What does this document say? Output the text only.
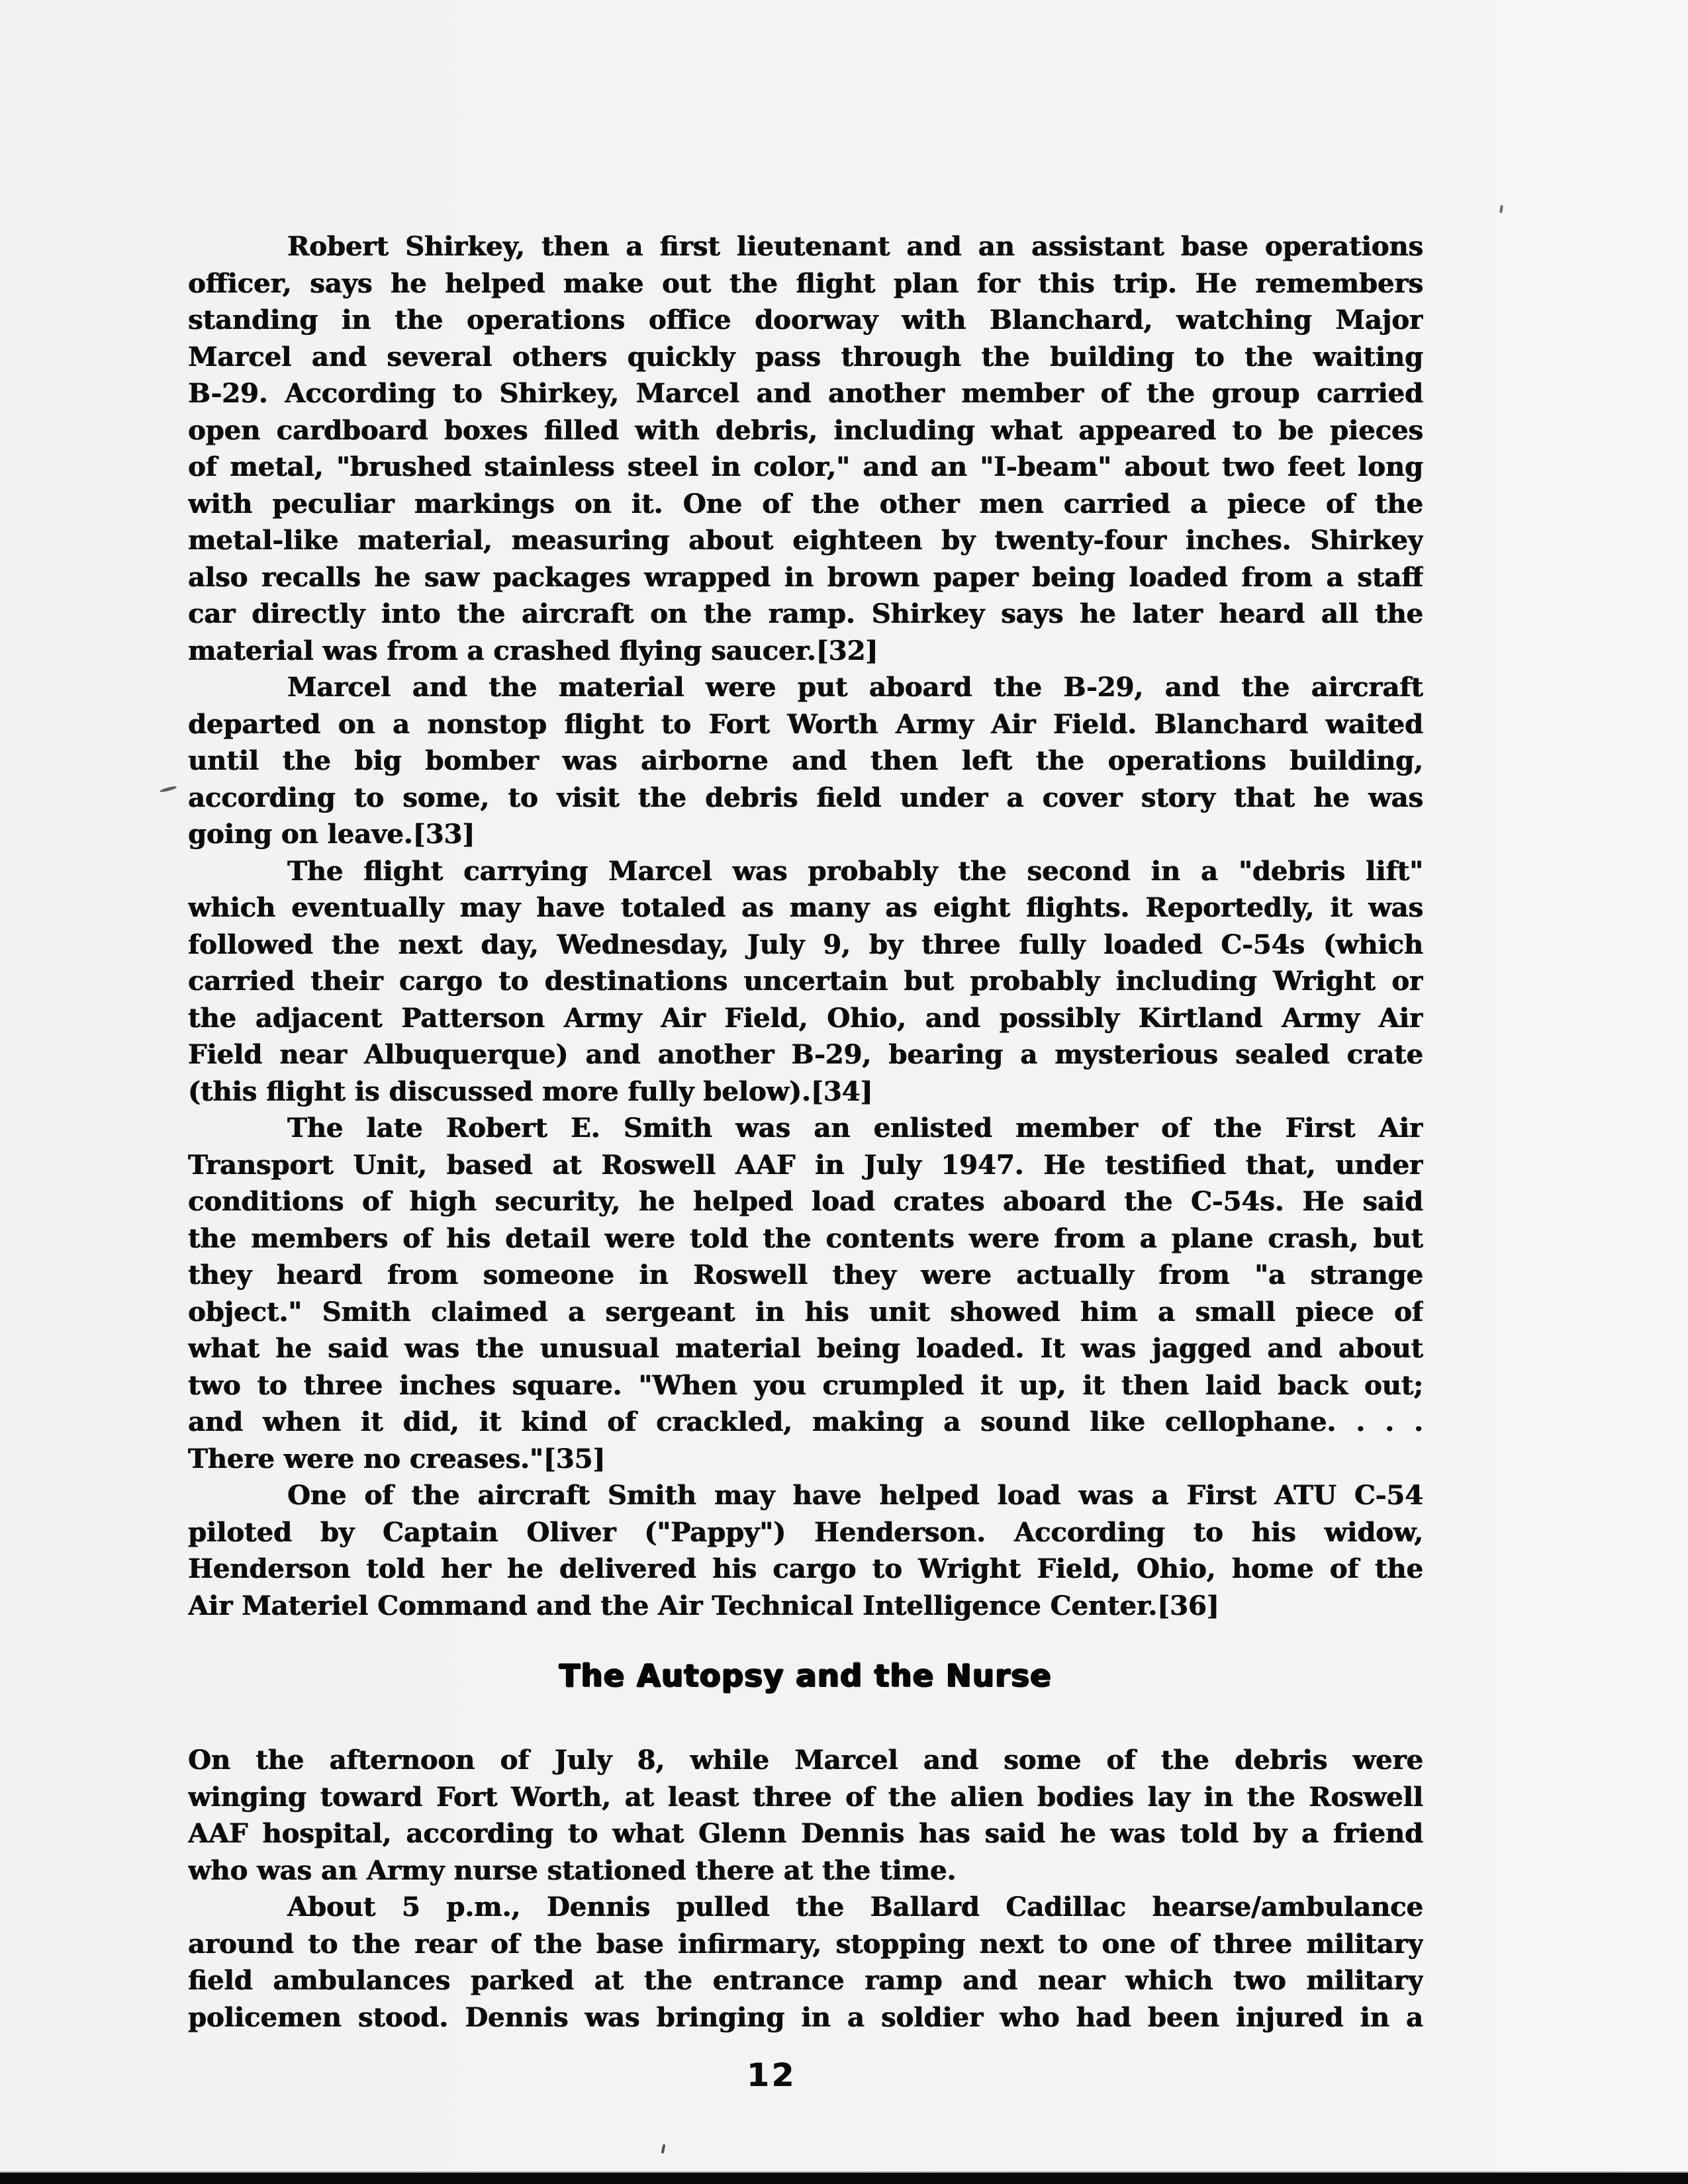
Robert Shirkey, then a first lieutenant and an assistant base operations
officer, says he helped make out the flight plan for this trip. He remembers
standing in the operations office doorway with Blanchard, watching Major
Marcel and several others quickly pass through the building to the waiting
B-29. According to Shirkey, Marcel and another member of the group carried
open cardboard boxes filled with debris, including what appeared to be pieces
of metal, "brushed stainless steel in color," and an "I-beam" about two feet long
with peculiar markings on it. One of the other men carried a piece of the
metal-like material, measuring about eighteen by twenty-four inches. Shirkey
also recalls he saw packages wrapped in brown paper being loaded from a staff
car directly into the aircraft on the ramp. Shirkey says he later heard all the
material was from a crashed flying saucer.[32]
Marcel and the material were put aboard the B-29, and the aircraft
departed on a nonstop flight to Fort Worth Army Air Field. Blanchard waited
until the big bomber was airborne and then left the operations building,
according to some, to visit the debris field under a cover story that he was
going on leave.[33]
The flight carrying Marcel was probably the second in a "debris lift"
which eventually may have totaled as many as eight flights. Reportedly, it was
followed the next day, Wednesday, July 9, by three fully loaded C-54s (which
carried their cargo to destinations uncertain but probably including Wright or
the adjacent Patterson Army Air Field, Ohio, and possibly Kirtland Army Air
Field near Albuquerque) and another B-29, bearing a mysterious sealed crate
(this flight is discussed more fully below).[34]
The late Robert E. Smith was an enlisted member of the First Air
Transport Unit, based at Roswell AAF in July 1947. He testified that, under
conditions of high security, he helped load crates aboard the C-54s. He said
the members of his detail were told the contents were from a plane crash, but
they heard from someone in Roswell they were actually from "a strange
object." Smith claimed a sergeant in his unit showed him a small piece of
what he said was the unusual material being loaded. It was jagged and about
two to three inches square. "When you crumpled it up, it then laid back out;
and when it did, it kind of crackled, making a sound like cellophane. . . .
There were no creases."[35]
One of the aircraft Smith may have helped load was a First ATU C-54
piloted by Captain Oliver ("Pappy") Henderson. According to his widow,
Henderson told her he delivered his cargo to Wright Field, Ohio, home of the
Air Materiel Command and the Air Technical Intelligence Center.[36]
The Autopsy and the Nurse
On the afternoon of July 8, while Marcel and some of the debris were
winging toward Fort Worth, at least three of the alien bodies lay in the Roswell
AAF hospital, according to what Glenn Dennis has said he was told by a friend
who was an Army nurse stationed there at the time.
About 5 p.m., Dennis pulled the Ballard Cadillac hearse/ambulance
around to the rear of the base infirmary, stopping next to one of three military
field ambulances parked at the entrance ramp and near which two military
policemen stood. Dennis was bringing in a soldier who had been injured in a
12
